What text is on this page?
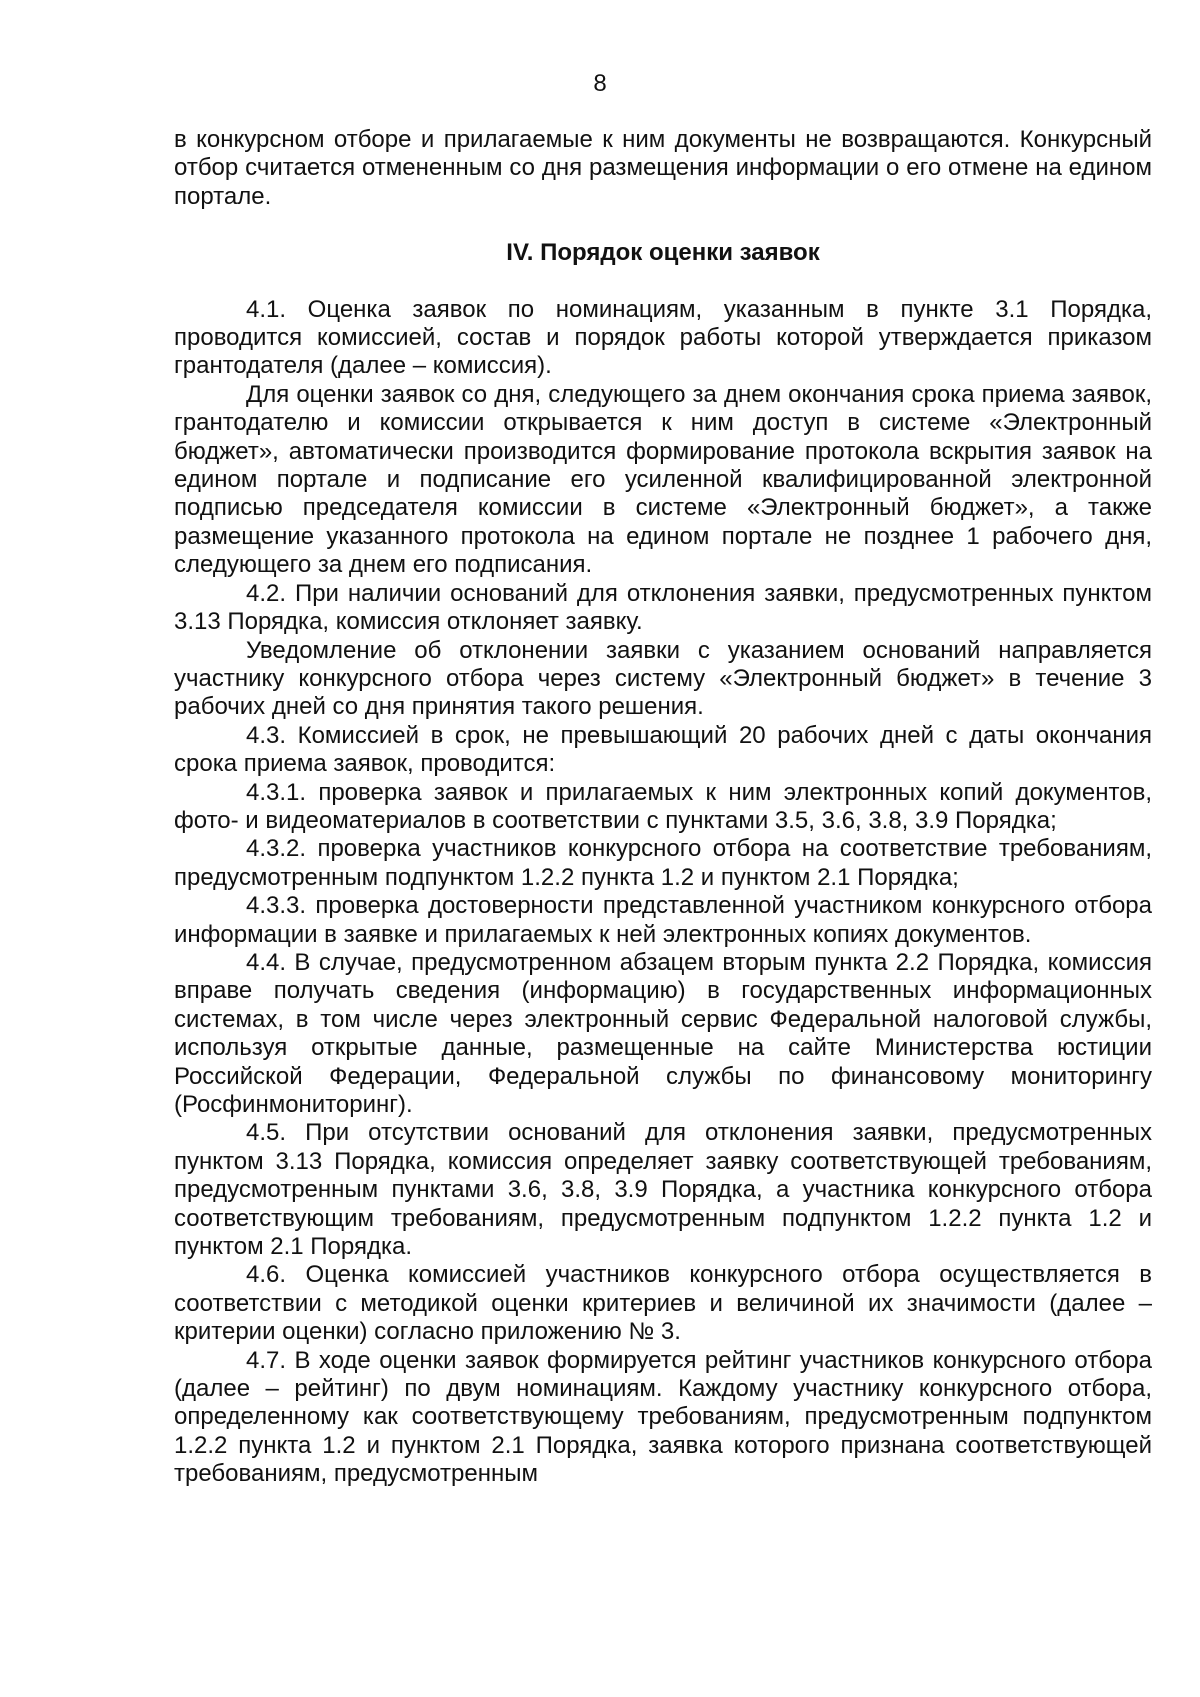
8

в конкурсном отборе и прилагаемые к ним документы не возвращаются. Конкурсный отбор считается отмененным со дня размещения информации о его отмене на едином портале.

IV. Порядок оценки заявок

4.1. Оценка заявок по номинациям, указанным в пункте 3.1 Порядка, проводится комиссией, состав и порядок работы которой утверждается приказом грантодателя (далее – комиссия).

Для оценки заявок со дня, следующего за днем окончания срока приема заявок, грантодателю и комиссии открывается к ним доступ в системе «Электронный бюджет», автоматически производится формирование протокола вскрытия заявок на едином портале и подписание его усиленной квалифицированной электронной подписью председателя комиссии в системе «Электронный бюджет», а также размещение указанного протокола на едином портале не позднее 1 рабочего дня, следующего за днем его подписания.

4.2. При наличии оснований для отклонения заявки, предусмотренных пунктом 3.13 Порядка, комиссия отклоняет заявку.

Уведомление об отклонении заявки с указанием оснований направляется участнику конкурсного отбора через систему «Электронный бюджет» в течение 3 рабочих дней со дня принятия такого решения.

4.3. Комиссией в срок, не превышающий 20 рабочих дней с даты окончания срока приема заявок, проводится:

4.3.1. проверка заявок и прилагаемых к ним электронных копий документов, фото- и видеоматериалов в соответствии с пунктами 3.5, 3.6, 3.8, 3.9 Порядка;

4.3.2. проверка участников конкурсного отбора на соответствие требованиям, предусмотренным подпунктом 1.2.2 пункта 1.2 и пунктом 2.1 Порядка;

4.3.3. проверка достоверности представленной участником конкурсного отбора информации в заявке и прилагаемых к ней электронных копиях документов.

4.4. В случае, предусмотренном абзацем вторым пункта 2.2 Порядка, комиссия вправе получать сведения (информацию) в государственных информационных системах, в том числе через электронный сервис Федеральной налоговой службы, используя открытые данные, размещенные на сайте Министерства юстиции Российской Федерации, Федеральной службы по финансовому мониторингу (Росфинмониторинг).

4.5. При отсутствии оснований для отклонения заявки, предусмотренных пунктом 3.13 Порядка, комиссия определяет заявку соответствующей требованиям, предусмотренным пунктами 3.6, 3.8, 3.9 Порядка, а участника конкурсного отбора соответствующим требованиям, предусмотренным подпунктом 1.2.2 пункта 1.2 и пунктом 2.1 Порядка.

4.6. Оценка комиссией участников конкурсного отбора осуществляется в соответствии с методикой оценки критериев и величиной их значимости (далее – критерии оценки) согласно приложению № 3.

4.7. В ходе оценки заявок формируется рейтинг участников конкурсного отбора (далее – рейтинг) по двум номинациям. Каждому участнику конкурсного отбора, определенному как соответствующему требованиям, предусмотренным подпунктом 1.2.2 пункта 1.2 и пунктом 2.1 Порядка, заявка которого признана соответствующей требованиям, предусмотренным
